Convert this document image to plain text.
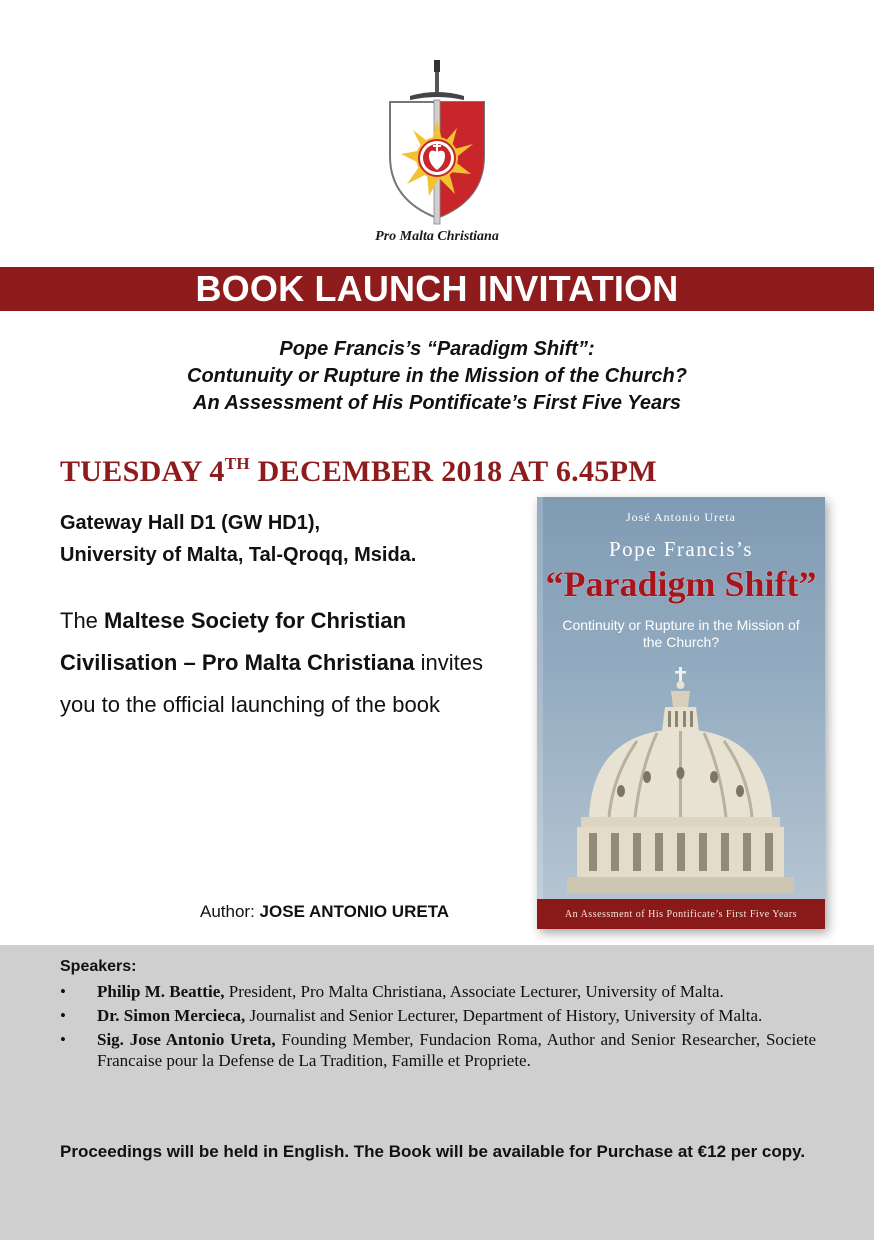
Pro Malta Christiana
BOOK LAUNCH INVITATION
Pope Francis’s “Paradigm Shift”:
Contunuity or Rupture in the Mission of the Church?
An Assessment of His Pontificate’s First Five Years
TUESDAY 4TH DECEMBER 2018 AT 6.45PM
Gateway Hall D1 (GW HD1),
University of Malta, Tal-Qroqq, Msida.
The Maltese Society for Christian Civilisation – Pro Malta Christiana invites you to the official launching of the book
Author: JOSE ANTONIO URETA
José Antonio Ureta
Pope Francis’s
“Paradigm Shift”
Continuity or Rupture in the Mission of the Church?
An Assessment of His Pontificate’s First Five Years
Speakers:
• Philip M. Beattie, President, Pro Malta Christiana, Associate Lecturer, University of Malta.
• Dr. Simon Mercieca, Journalist and Senior Lecturer, Department of History, University of Malta.
• Sig. Jose Antonio Ureta, Founding Member, Fundacion Roma, Author and Senior Researcher, Societe Francaise pour la Defense de La Tradition, Famille et Propriete.
Proceedings will be held in English. The Book will be available for Purchase at €12 per copy.
